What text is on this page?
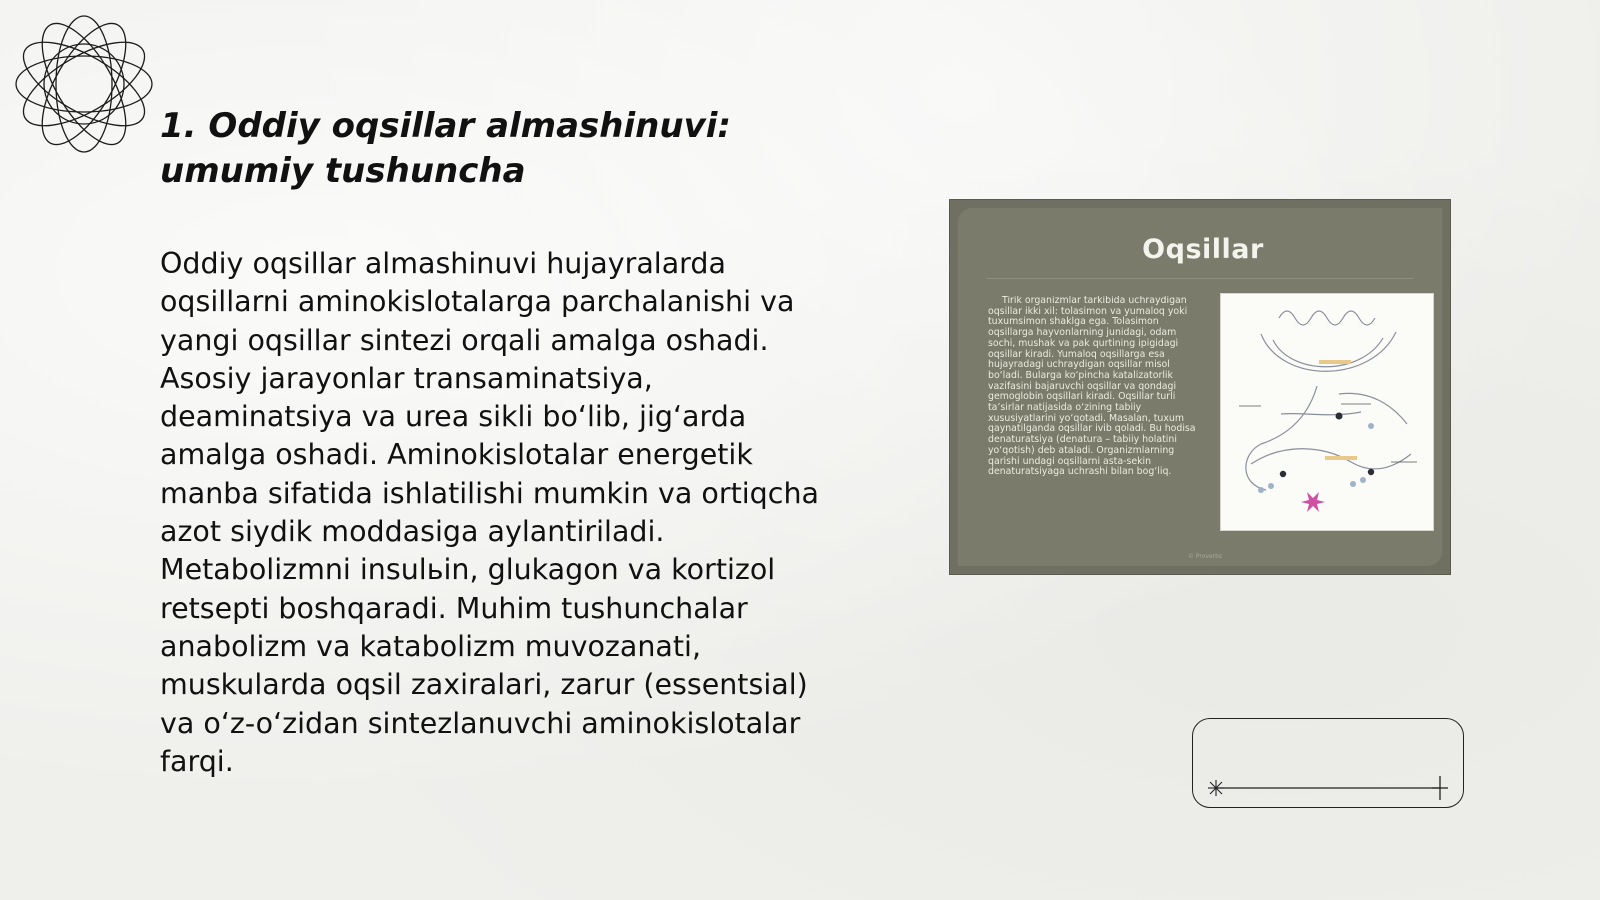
1. Oddiy oqsillar almashinuvi: umumiy tushuncha

Oddiy oqsillar almashinuvi hujayralarda oqsillarni aminokislotalarga parchalanishi va yangi oqsillar sintezi orqali amalga oshadi. Asosiy jarayonlar transaminatsiya, deaminatsiya va urea sikli bo‘lib, jig‘arda amalga oshadi. Aminokislotalar energetik manba sifatida ishlatilishi mumkin va ortiqcha azot siydik moddasiga aylantiriladi. Metabolizmni insulьin, glukagon va kortizol retsepti boshqaradi. Muhim tushunchalar anabolizm va katabolizm muvozanati, muskularda oqsil zaxiralari, zarur (essentsial) va o‘z-o‘zidan sintezlanuvchi aminokislotalar farqi.

Oqsillar
Tirik organizmlar tarkibida uchraydigan oqsillar ikki xil: tolasimon va yumaloq yoki tuxumsimon shaklga ega. Tolasimon oqsillarga hayvonlarning junidagi, odam sochi, mushak va pak qurtining ipigidagi oqsillar kiradi. Yumaloq oqsillarga esa hujayradagi uchraydigan oqsillar misol bo‘ladi. Bularga ko‘pincha katalizatorlik vazifasini bajaruvchi oqsillar va qondagi gemoglobin oqsillari kiradi. Oqsillar turli ta’sirlar natijasida o‘zining tabiiy xususiyatlarini yo‘qotadi. Masalan, tuxum qaynatilganda oqsillar ivib qoladi. Bu hodisa denaturatsiya (denatura – tabiiy holatini yo‘qotish) deb ataladi. Organizmlarning qarishi undagi oqsillarni asta-sekin denaturatsiyaga uchrashi bilan bog‘liq.
© Proverbs
